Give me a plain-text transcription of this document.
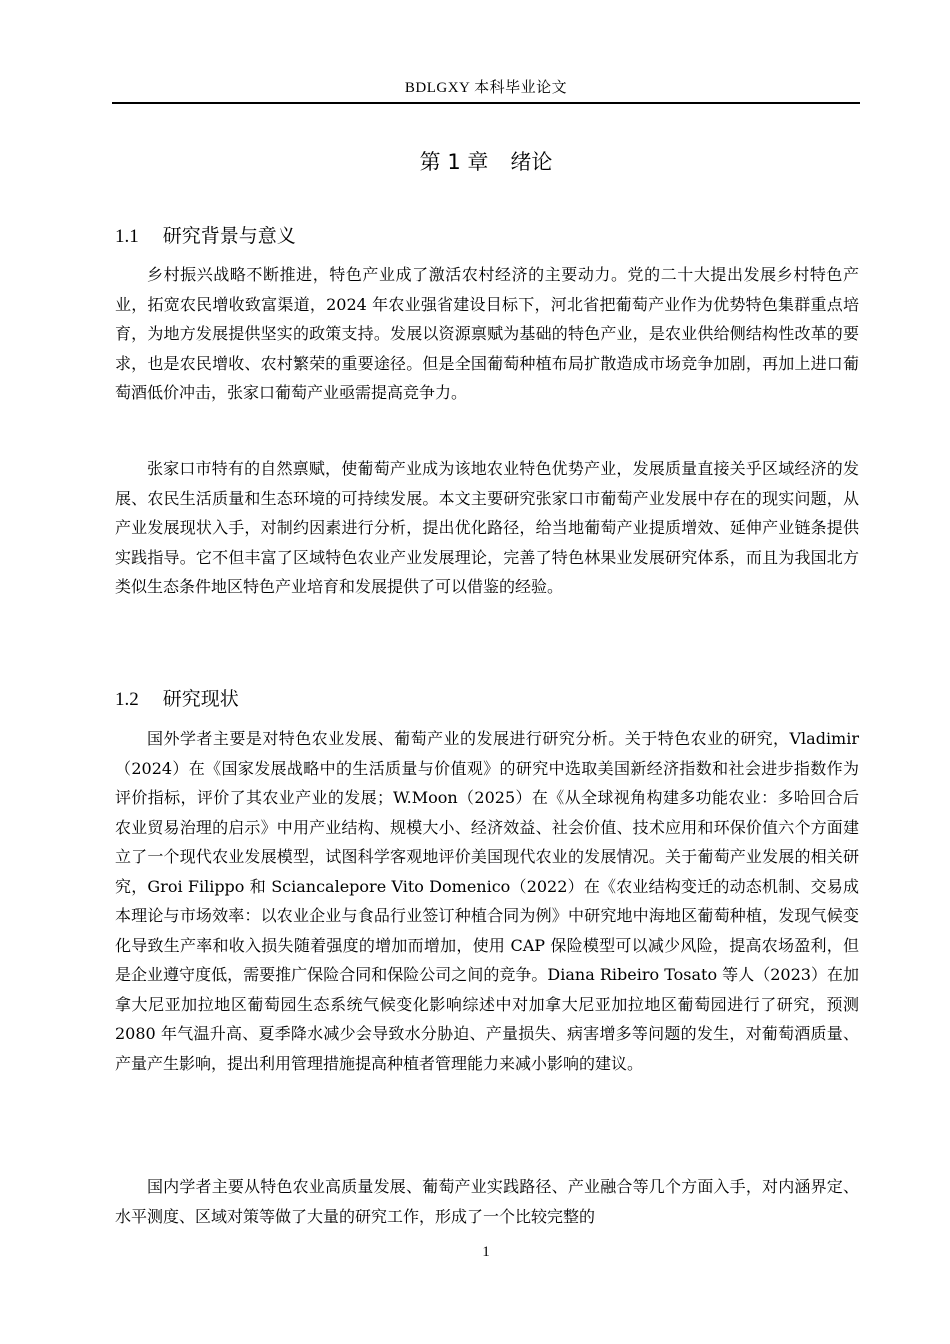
BDLGXY 本科毕业论文
第 1 章 绪论
1.1 研究背景与意义

乡村振兴战略不断推进，特色产业成了激活农村经济的主要动力。党的二十大提出发展乡村特色产业，拓宽农民增收致富渠道，2024 年农业强省建设目标下，河北省把葡萄产业作为优势特色集群重点培育，为地方发展提供坚实的政策支持。发展以资源禀赋为基础的特色产业，是农业供给侧结构性改革的要求，也是农民增收、农村繁荣的重要途径。但是全国葡萄种植布局扩散造成市场竞争加剧，再加上进口葡萄酒低价冲击，张家口葡萄产业亟需提高竞争力。

张家口市特有的自然禀赋，使葡萄产业成为该地农业特色优势产业，发展质量直接关乎区域经济的发展、农民生活质量和生态环境的可持续发展。本文主要研究张家口市葡萄产业发展中存在的现实问题，从产业发展现状入手，对制约因素进行分析，提出优化路径，给当地葡萄产业提质增效、延伸产业链条提供实践指导。它不但丰富了区域特色农业产业发展理论，完善了特色林果业发展研究体系，而且为我国北方类似生态条件地区特色产业培育和发展提供了可以借鉴的经验。

1.2 研究现状

国外学者主要是对特色农业发展、葡萄产业的发展进行研究分析。关于特色农业的研究，Vladimir（2024）在《国家发展战略中的生活质量与价值观》的研究中选取美国新经济指数和社会进步指数作为评价指标，评价了其农业产业的发展；W.Moon（2025）在《从全球视角构建多功能农业：多哈回合后农业贸易治理的启示》中用产业结构、规模大小、经济效益、社会价值、技术应用和环保价值六个方面建立了一个现代农业发展模型，试图科学客观地评价美国现代农业的发展情况。关于葡萄产业发展的相关研究，Groi Filippo 和 Sciancalepore Vito Domenico（2022）在《农业结构变迁的动态机制、交易成本理论与市场效率：以农业企业与食品行业签订种植合同为例》中研究地中海地区葡萄种植，发现气候变化导致生产率和收入损失随着强度的增加而增加，使用 CAP 保险模型可以减少风险，提高农场盈利，但是企业遵守度低，需要推广保险合同和保险公司之间的竞争。Diana Ribeiro Tosato 等人（2023）在加拿大尼亚加拉地区葡萄园生态系统气候变化影响综述中对加拿大尼亚加拉地区葡萄园进行了研究，预测 2080 年气温升高、夏季降水减少会导致水分胁迫、产量损失、病害增多等问题的发生，对葡萄酒质量、产量产生影响，提出利用管理措施提高种植者管理能力来减小影响的建议。

国内学者主要从特色农业高质量发展、葡萄产业实践路径、产业融合等几个方面入手，对内涵界定、水平测度、区域对策等做了大量的研究工作，形成了一个比较完整的

1
